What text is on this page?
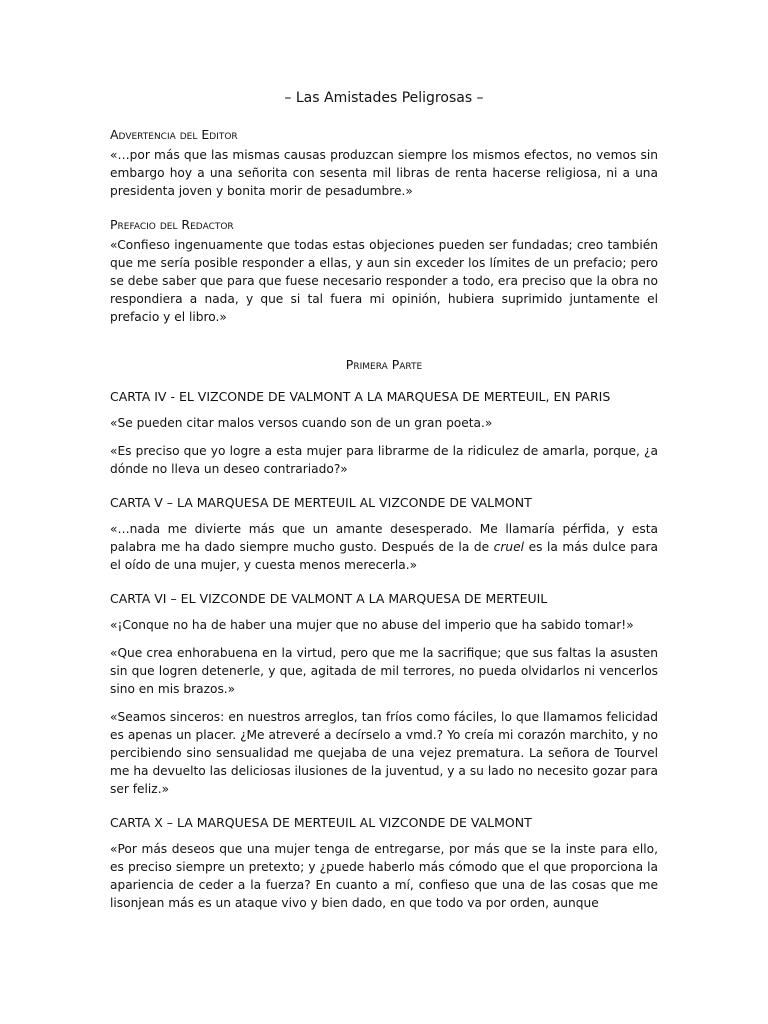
– Las Amistades Peligrosas –
Advertencia del Editor

«…por más que las mismas causas produzcan siempre los mismos efectos, no vemos sin embargo hoy a una señorita con sesenta mil libras de renta hacerse religiosa, ni a una presidenta joven y bonita morir de pesadumbre.»

Prefacio del Redactor

«Confieso ingenuamente que todas estas objeciones pueden ser fundadas; creo también que me sería posible responder a ellas, y aun sin exceder los límites de un prefacio; pero se debe saber que para que fuese necesario responder a todo, era preciso que la obra no respondiera a nada, y que si tal fuera mi opinión, hubiera suprimido juntamente el prefacio y el libro.»

Primera Parte
CARTA IV - EL VIZCONDE DE VALMONT A LA MARQUESA DE MERTEUIL, EN PARIS

«Se pueden citar malos versos cuando son de un gran poeta.»

«Es preciso que yo logre a esta mujer para librarme de la ridiculez de amarla, porque, ¿a dónde no lleva un deseo contrariado?»

CARTA V – LA MARQUESA DE MERTEUIL AL VIZCONDE DE VALMONT

«…nada me divierte más que un amante desesperado. Me llamaría pérfida, y esta palabra me ha dado siempre mucho gusto. Después de la de cruel es la más dulce para el oído de una mujer, y cuesta menos merecerla.»

CARTA VI – EL VIZCONDE DE VALMONT A LA MARQUESA DE MERTEUIL

«¡Conque no ha de haber una mujer que no abuse del imperio que ha sabido tomar!»

«Que crea enhorabuena en la virtud, pero que me la sacrifique; que sus faltas la asusten sin que logren detenerle, y que, agitada de mil terrores, no pueda olvidarlos ni vencerlos sino en mis brazos.»

«Seamos sinceros: en nuestros arreglos, tan fríos como fáciles, lo que llamamos felicidad es apenas un placer. ¿Me atreveré a decírselo a vmd.? Yo creía mi corazón marchito, y no percibiendo sino sensualidad me quejaba de una vejez prematura. La señora de Tourvel me ha devuelto las deliciosas ilusiones de la juventud, y a su lado no necesito gozar para ser feliz.»

CARTA X – LA MARQUESA DE MERTEUIL AL VIZCONDE DE VALMONT

«Por más deseos que una mujer tenga de entregarse, por más que se la inste para ello, es preciso siempre un pretexto; y ¿puede haberlo más cómodo que el que proporciona la apariencia de ceder a la fuerza? En cuanto a mí, confieso que una de las cosas que me lisonjean más es un ataque vivo y bien dado, en que todo va por orden, aunque
